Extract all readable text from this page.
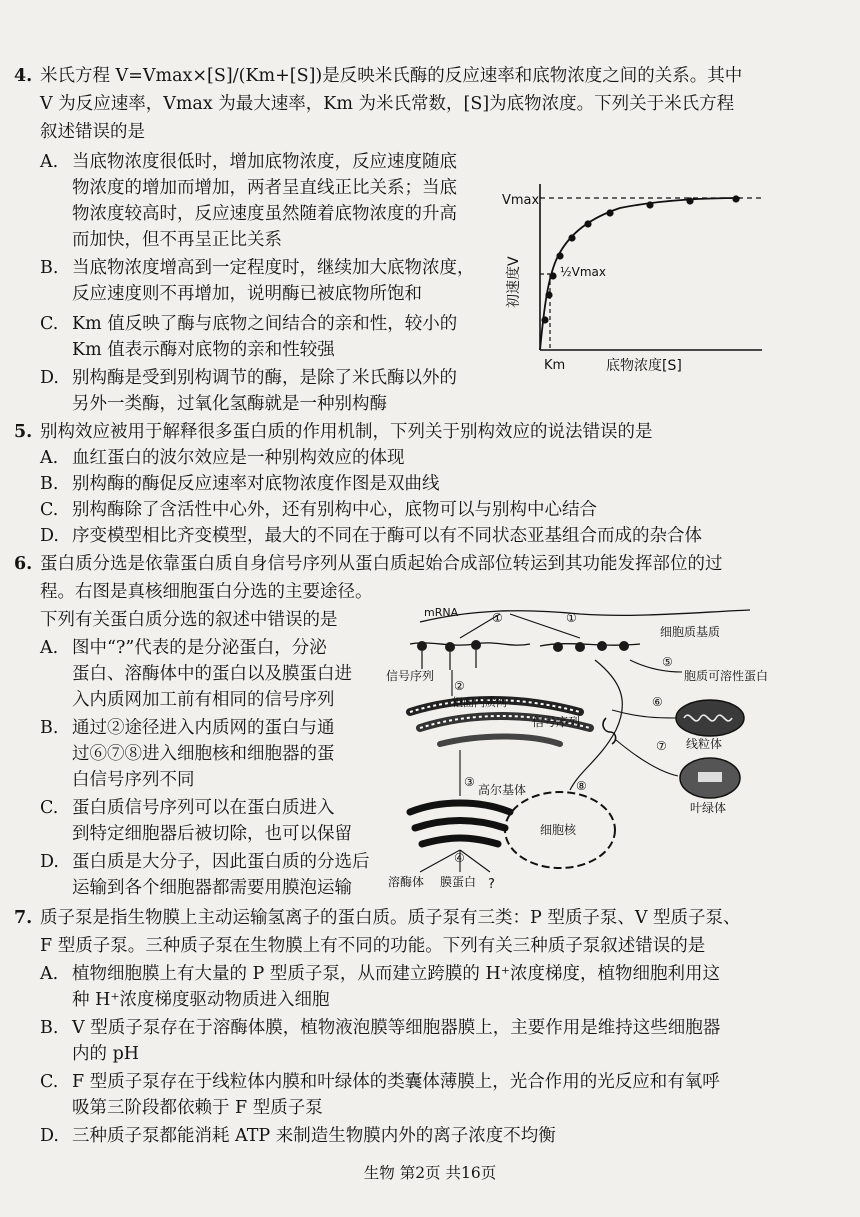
4. 米氏方程 V=Vmax×[S]/(Km+[S])是反映米氏酶的反应速率和底物浓度之间的关系。其中
V 为反应速率，Vmax 为最大速率，Km 为米氏常数，[S]为底物浓度。下列关于米氏方程
叙述错误的是
A. 当底物浓度很低时，增加底物浓度，反应速度随底
物浓度的增加而增加，两者呈直线正比关系；当底
物浓度较高时，反应速度虽然随着底物浓度的升高
而加快，但不再呈正比关系
B. 当底物浓度增高到一定程度时，继续加大底物浓度，
反应速度则不再增加，说明酶已被底物所饱和
C. Km 值反映了酶与底物之间结合的亲和性，较小的
Km 值表示酶对底物的亲和性较强
D. 别构酶是受到别构调节的酶，是除了米氏酶以外的
另外一类酶，过氧化氢酶就是一种别构酶
Vmax
½Vmax
Km	底物浓度[S]
初速度V
5. 别构效应被用于解释很多蛋白质的作用机制，下列关于别构效应的说法错误的是
A. 血红蛋白的波尔效应是一种别构效应的体现
B. 别构酶的酶促反应速率对底物浓度作图是双曲线
C. 别构酶除了含活性中心外，还有别构中心，底物可以与别构中心结合
D. 序变模型相比齐变模型，最大的不同在于酶可以有不同状态亚基组合而成的杂合体
6. 蛋白质分选是依靠蛋白质自身信号序列从蛋白质起始合成部位转运到其功能发挥部位的过
程。右图是真核细胞蛋白分选的主要途径。
下列有关蛋白质分选的叙述中错误的是
A. 图中“?”代表的是分泌蛋白，分泌
蛋白、溶酶体中的蛋白以及膜蛋白进
入内质网加工前有相同的信号序列
B. 通过②途径进入内质网的蛋白与通
过⑥⑦⑧进入细胞核和细胞器的蛋
白信号序列不同
C. 蛋白质信号序列可以在蛋白质进入
到特定细胞器后被切除，也可以保留
D. 蛋白质是大分子，因此蛋白质的分选后
运输到各个细胞器都需要用膜泡运输
mRNA	①	①
细胞质基质
信号序列
②
粗面内质网
信号序列
⑤
胞质可溶性蛋白
⑥
线粒体
⑦
叶绿体
③
高尔基体	⑧
细胞核
④
溶酶体 膜蛋白 ?
7. 质子泵是指生物膜上主动运输氢离子的蛋白质。质子泵有三类：P 型质子泵、V 型质子泵、
F 型质子泵。三种质子泵在生物膜上有不同的功能。下列有关三种质子泵叙述错误的是
A. 植物细胞膜上有大量的 P 型质子泵，从而建立跨膜的 H⁺浓度梯度，植物细胞利用这
种 H⁺浓度梯度驱动物质进入细胞
B. V 型质子泵存在于溶酶体膜，植物液泡膜等细胞器膜上，主要作用是维持这些细胞器
内的 pH
C. F 型质子泵存在于线粒体内膜和叶绿体的类囊体薄膜上，光合作用的光反应和有氧呼
吸第三阶段都依赖于 F 型质子泵
D. 三种质子泵都能消耗 ATP 来制造生物膜内外的离子浓度不均衡
生物 第2页 共16页
